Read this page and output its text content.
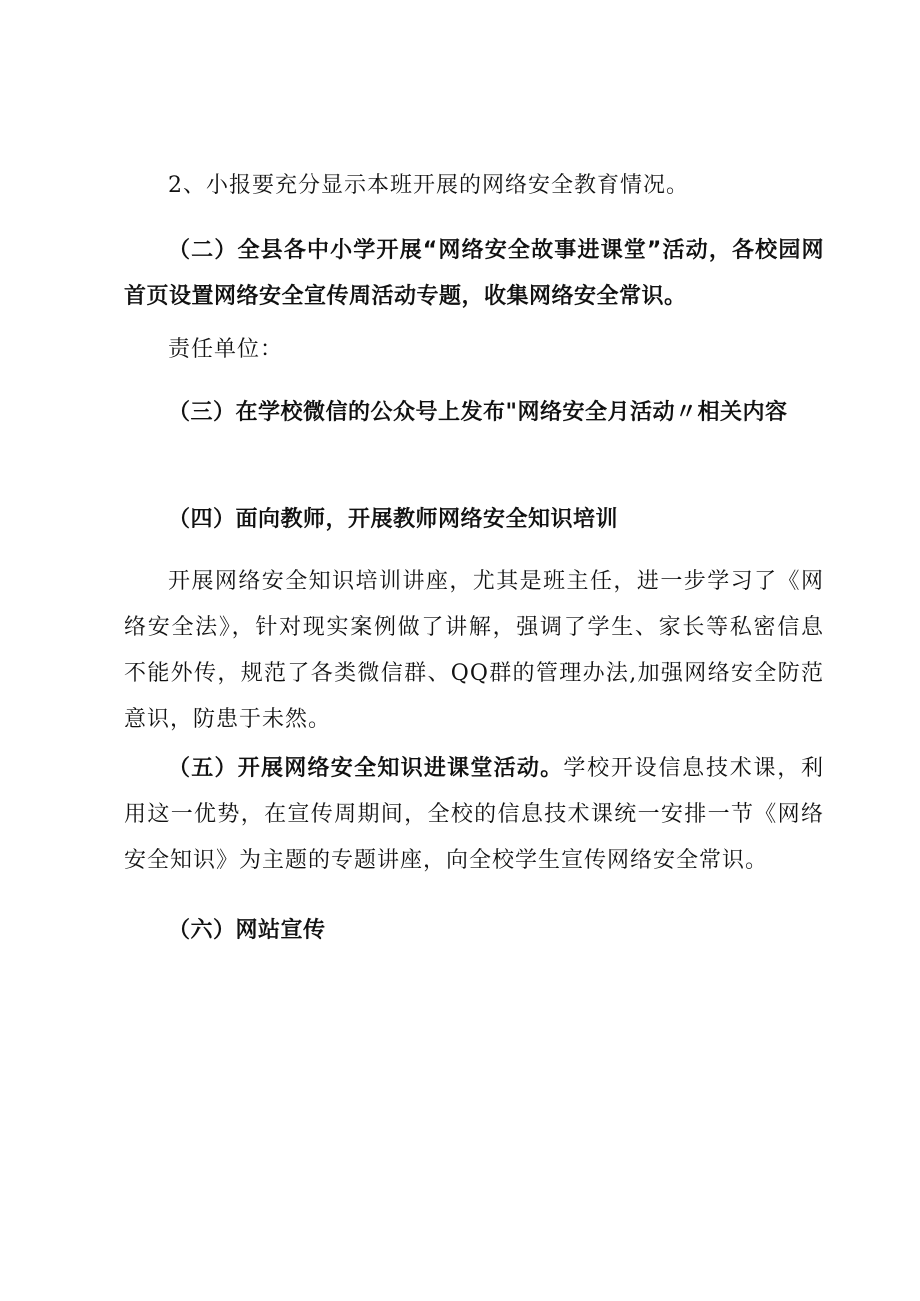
2、小报要充分显示本班开展的网络安全教育情况。

（二）全县各中小学开展“网络安全故事进课堂”活动，各校园网首页设置网络安全宣传周活动专题，收集网络安全常识。

责任单位：

（三）在学校微信的公众号上发布"网络安全月活动〃相关内容

（四）面向教师，开展教师网络安全知识培训

开展网络安全知识培训讲座，尤其是班主任，进一步学习了《网络安全法》，针对现实案例做了讲解，强调了学生、家长等私密信息不能外传，规范了各类微信群、QQ群的管理办法,加强网络安全防范意识，防患于未然。

（五）开展网络安全知识进课堂活动。学校开设信息技术课，利用这一优势，在宣传周期间，全校的信息技术课统一安排一节《网络安全知识》为主题的专题讲座，向全校学生宣传网络安全常识。

（六）网站宣传
